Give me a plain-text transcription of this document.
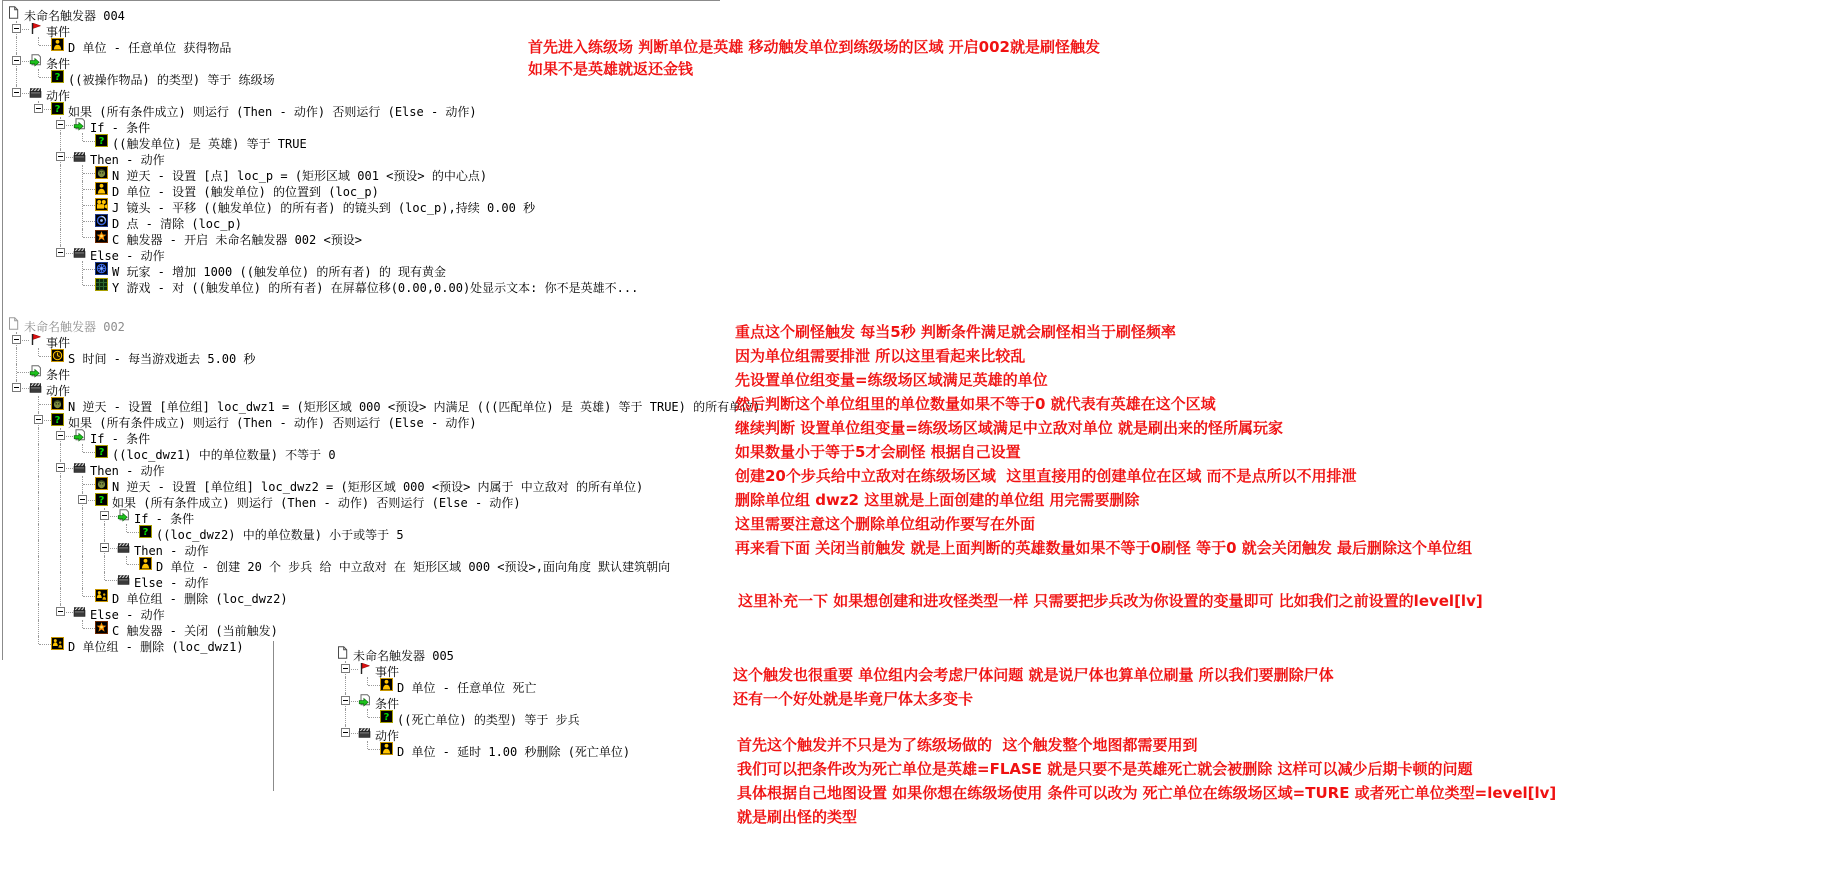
未命名触发器 004
事件
D 单位 - 任意单位 获得物品
条件
? ((被操作物品) 的类型) 等于 练级场
动作
? 如果 (所有条件成立) 则运行 (Then - 动作) 否则运行 (Else - 动作)
If - 条件
? ((触发单位) 是 英雄) 等于 TRUE
Then - 动作
N 逆天 - 设置 [点] loc_p = (矩形区域 001 <预设> 的中心点)
D 单位 - 设置 (触发单位) 的位置到 (loc_p)
J 镜头 - 平移 ((触发单位) 的所有者) 的镜头到 (loc_p),持续 0.00 秒
D 点 - 清除 (loc_p)
C 触发器 - 开启 未命名触发器 002 <预设>
Else - 动作
W 玩家 - 增加 1000 ((触发单位) 的所有者) 的 现有黄金
Y 游戏 - 对 ((触发单位) 的所有者) 在屏幕位移(0.00,0.00)处显示文本: 你不是英雄不...
未命名触发器 002
事件
S 时间 - 每当游戏逝去 5.00 秒
条件
动作
N 逆天 - 设置 [单位组] loc_dwz1 = (矩形区域 000 <预设> 内满足 (((匹配单位) 是 英雄) 等于 TRUE) 的所有单位)
? 如果 (所有条件成立) 则运行 (Then - 动作) 否则运行 (Else - 动作)
If - 条件
? ((loc_dwz1) 中的单位数量) 不等于 0
Then - 动作
N 逆天 - 设置 [单位组] loc_dwz2 = (矩形区域 000 <预设> 内属于 中立敌对 的所有单位)
? 如果 (所有条件成立) 则运行 (Then - 动作) 否则运行 (Else - 动作)
If - 条件
? ((loc_dwz2) 中的单位数量) 小于或等于 5
Then - 动作
D 单位 - 创建 20 个 步兵 给 中立敌对 在 矩形区域 000 <预设>,面向角度 默认建筑朝向
Else - 动作
D 单位组 - 删除 (loc_dwz2)
Else - 动作
C 触发器 - 关闭 (当前触发)
D 单位组 - 删除 (loc_dwz1)
未命名触发器 005
事件
D 单位 - 任意单位 死亡
条件
? ((死亡单位) 的类型) 等于 步兵
动作
D 单位 - 延时 1.00 秒删除 (死亡单位)
首先进入练级场 判断单位是英雄 移动触发单位到练级场的区域 开启002就是刷怪触发
如果不是英雄就返还金钱
重点这个刷怪触发 每当5秒 判断条件满足就会刷怪相当于刷怪频率
因为单位组需要排泄 所以这里看起来比较乱
先设置单位组变量=练级场区域满足英雄的单位
然后判断这个单位组里的单位数量如果不等于0 就代表有英雄在这个区域
继续判断 设置单位组变量=练级场区域满足中立敌对单位 就是刷出来的怪所属玩家
如果数量小于等于5才会刷怪 根据自己设置
创建20个步兵给中立敌对在练级场区域  这里直接用的创建单位在区域 而不是点所以不用排泄
删除单位组 dwz2 这里就是上面创建的单位组 用完需要删除
这里需要注意这个删除单位组动作要写在外面
再来看下面 关闭当前触发 就是上面判断的英雄数量如果不等于0刷怪 等于0 就会关闭触发 最后删除这个单位组
这里补充一下 如果想创建和进攻怪类型一样 只需要把步兵改为你设置的变量即可 比如我们之前设置的level[lv]
这个触发也很重要 单位组内会考虑尸体问题 就是说尸体也算单位刷量 所以我们要删除尸体
还有一个好处就是毕竟尸体太多变卡
首先这个触发并不只是为了练级场做的  这个触发整个地图都需要用到
我们可以把条件改为死亡单位是英雄=FLASE 就是只要不是英雄死亡就会被删除 这样可以减少后期卡顿的问题
具体根据自己地图设置 如果你想在练级场使用 条件可以改为 死亡单位在练级场区域=TURE 或者死亡单位类型=level[lv]
就是刷出怪的类型
